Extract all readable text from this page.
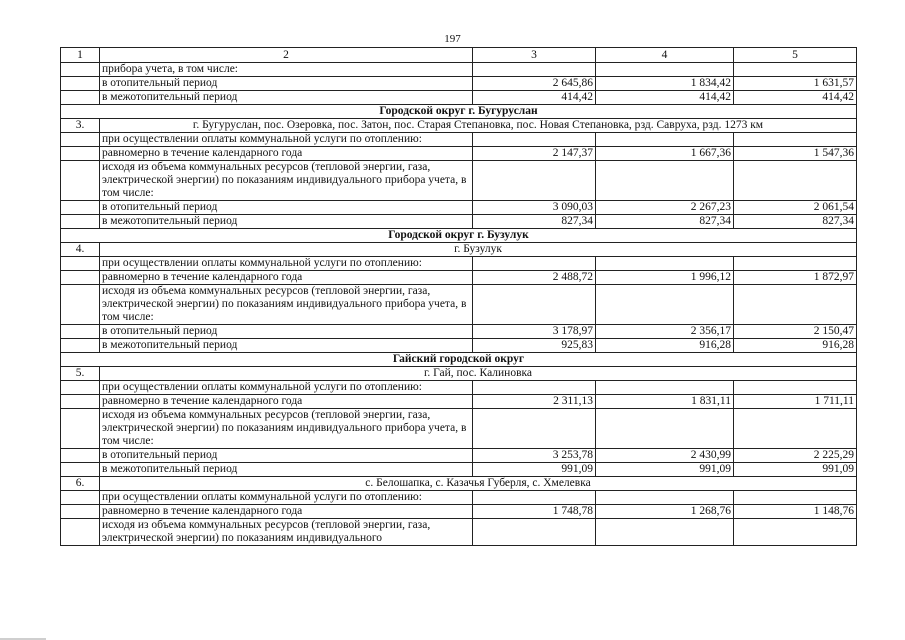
197
1	2	3	4	5
	прибора учета, в том числе:			
	в отопительный период	2 645,86	1 834,42	1 631,57
	в межотопительный период	414,42	414,42	414,42
Городской округ г. Бугуруслан				
3.	г. Бугуруслан, пос. Озеровка, пос. Затон, пос. Старая Степановка, пос. Новая Степановка, рзд. Савруха, рзд. 1273 км			
	при осуществлении оплаты коммунальной услуги по отоплению:			
	равномерно в течение календарного года	2 147,37	1 667,36	1 547,36
	исходя из объема коммунальных ресурсов (тепловой энергии, газа, электрической энергии) по показаниям индивидуального прибора учета, в том числе:			
	в отопительный период	3 090,03	2 267,23	2 061,54
	в межотопительный период	827,34	827,34	827,34
Городской округ г. Бузулук				
4.	г. Бузулук			
	при осуществлении оплаты коммунальной услуги по отоплению:			
	равномерно в течение календарного года	2 488,72	1 996,12	1 872,97
	исходя из объема коммунальных ресурсов (тепловой энергии, газа, электрической энергии) по показаниям индивидуального прибора учета, в том числе:			
	в отопительный период	3 178,97	2 356,17	2 150,47
	в межотопительный период	925,83	916,28	916,28
Гайский городской округ				
5.	г. Гай, пос. Калиновка			
	при осуществлении оплаты коммунальной услуги по отоплению:			
	равномерно в течение календарного года	2 311,13	1 831,11	1 711,11
	исходя из объема коммунальных ресурсов (тепловой энергии, газа, электрической энергии) по показаниям индивидуального прибора учета, в том числе:			
	в отопительный период	3 253,78	2 430,99	2 225,29
	в межотопительный период	991,09	991,09	991,09
6.	с. Белошапка, с. Казачья Губерля, с. Хмелевка			
	при осуществлении оплаты коммунальной услуги по отоплению:			
	равномерно в течение календарного года	1 748,78	1 268,76	1 148,76
	исходя из объема коммунальных ресурсов (тепловой энергии, газа, электрической энергии) по показаниям индивидуального			
